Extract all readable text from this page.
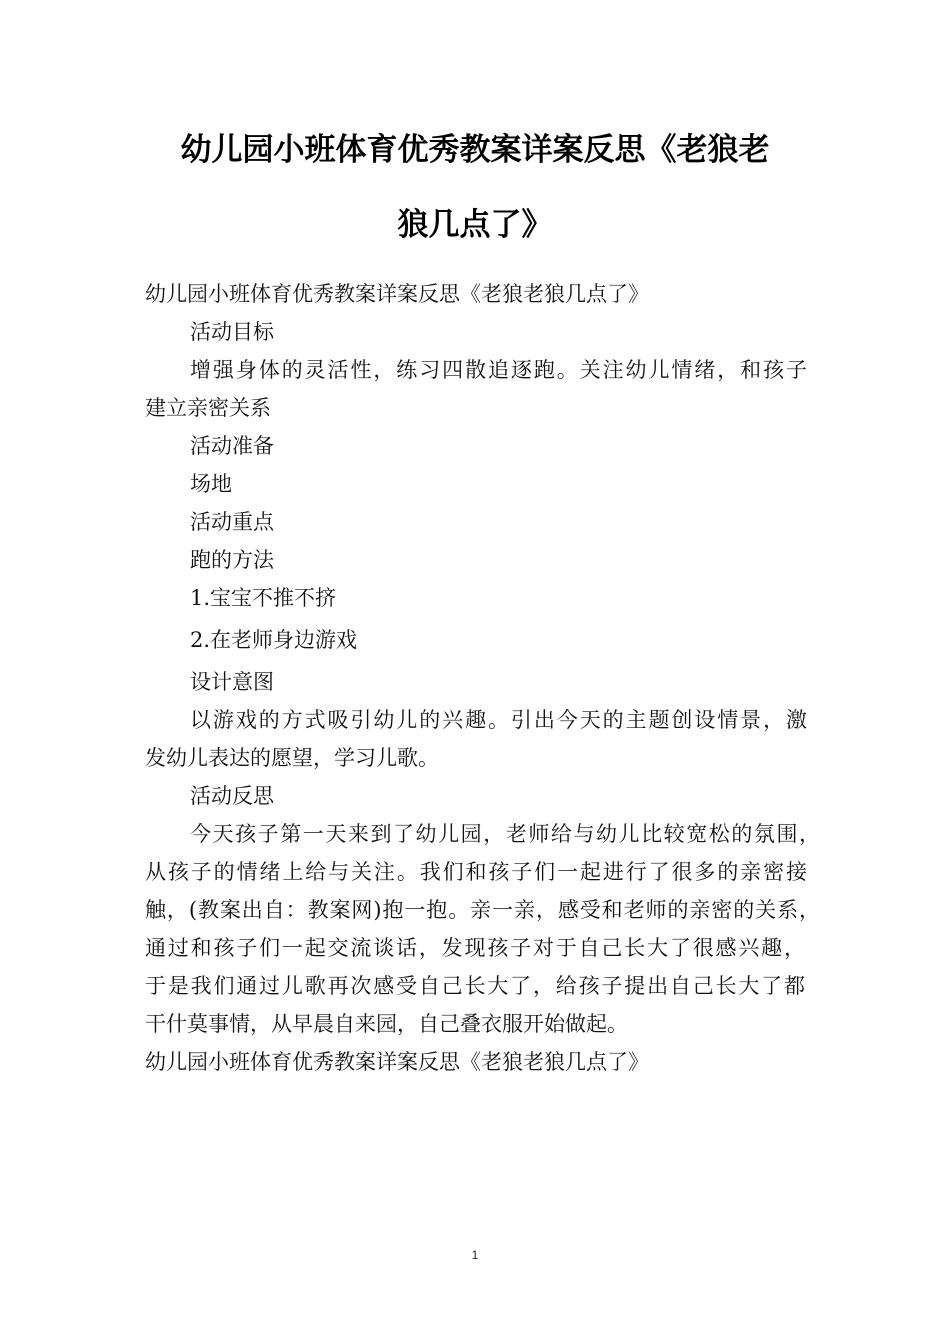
幼儿园小班体育优秀教案详案反思《老狼老
狼几点了》
幼儿园小班体育优秀教案详案反思《老狼老狼几点了》
活动目标
增强身体的灵活性，练习四散追逐跑。关注幼儿情绪，和孩子
建立亲密关系
活动准备
场地
活动重点
跑的方法
1.宝宝不推不挤
2.在老师身边游戏
设计意图
以游戏的方式吸引幼儿的兴趣。引出今天的主题创设情景，激
发幼儿表达的愿望，学习儿歌。
活动反思
今天孩子第一天来到了幼儿园，老师给与幼儿比较宽松的氛围，
从孩子的情绪上给与关注。我们和孩子们一起进行了很多的亲密接
触，(教案出自：教案网)抱一抱。亲一亲，感受和老师的亲密的关系，
通过和孩子们一起交流谈话，发现孩子对于自己长大了很感兴趣，
于是我们通过儿歌再次感受自己长大了，给孩子提出自己长大了都
干什莫事情，从早晨自来园，自己叠衣服开始做起。
幼儿园小班体育优秀教案详案反思《老狼老狼几点了》
1
